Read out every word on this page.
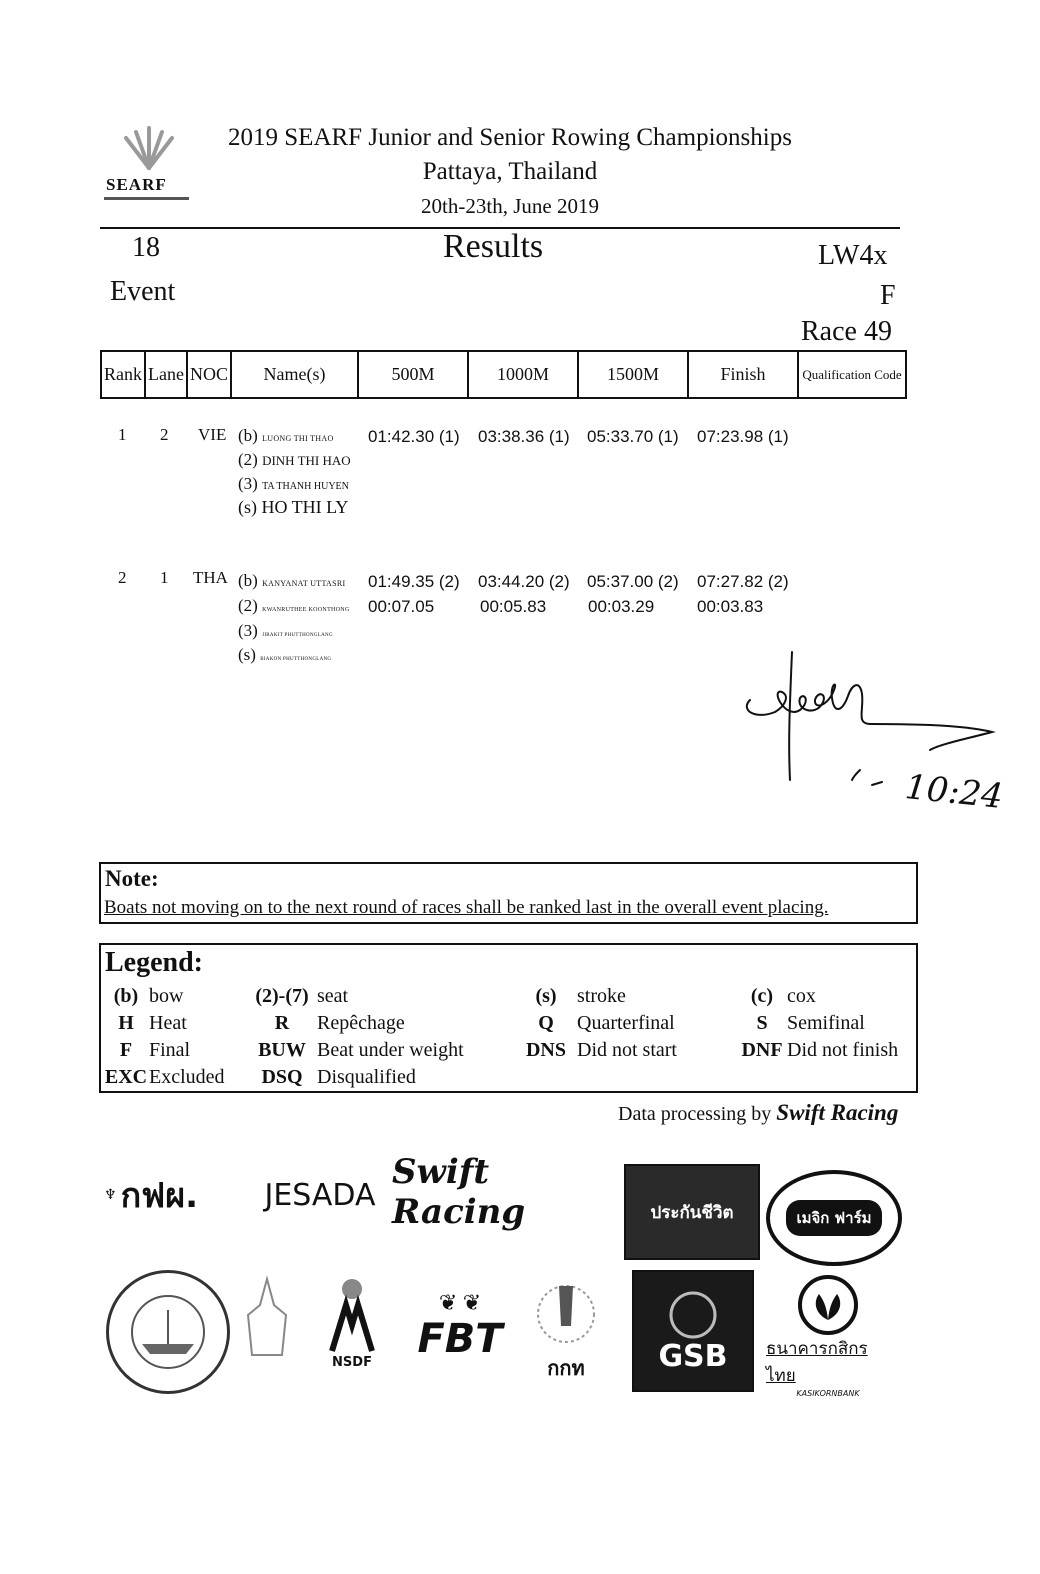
SEARF
2019 SEARF Junior and Senior Rowing Championships
Pattaya, Thailand
20th-23th, June 2019
18
Event
Results	LW4x
F
Race 49
Rank	Lane	NOC	Name(s)	500M	1000M	1500M	Finish	Qualification Code
1 2 VIE (b) LUONG THI THAO
(2) DINH THI HAO
(3) TA THANH HUYEN
(s) HO THI LY
01:42.30 (1) 03:38.36 (1) 05:33.70 (1) 07:23.98 (1)
2 1 THA (b) KANYANAT UTTASRI
(2) KWANRUTHEE KOONTHONG
(3) JIRAKIT PHUTTHONGLANG
(s) BIAKON PHUTTHONGLANG
01:49.35 (2) 03:44.20 (2) 05:37.00 (2) 07:27.82 (2)
00:07.05	00:05.83 00:03.29	00:03.83
10:24
Note:
Boats not moving on to the next round of races shall be ranked last in the overall event placing.
Legend:
(b)	bow	(2)-(7)	seat	(s)	stroke	(c)	cox
H	Heat	R	Repêchage	Q	Quarterfinal	S	Semifinal
F	Final	BUW	Beat under weight	DNS	Did not start	DNF	Did not finish
EXC	Excluded	DSQ	Disqualified				
Data processing by Swift Racing
♆ กฟผ. JESADA
Swift Racing	ประกันชีวิต	เมจิก ฟาร์ม
NSDF
❦ ❦
FBT
กกท GSB ธนาคารกสิกรไทย
KASIKORNBANK
